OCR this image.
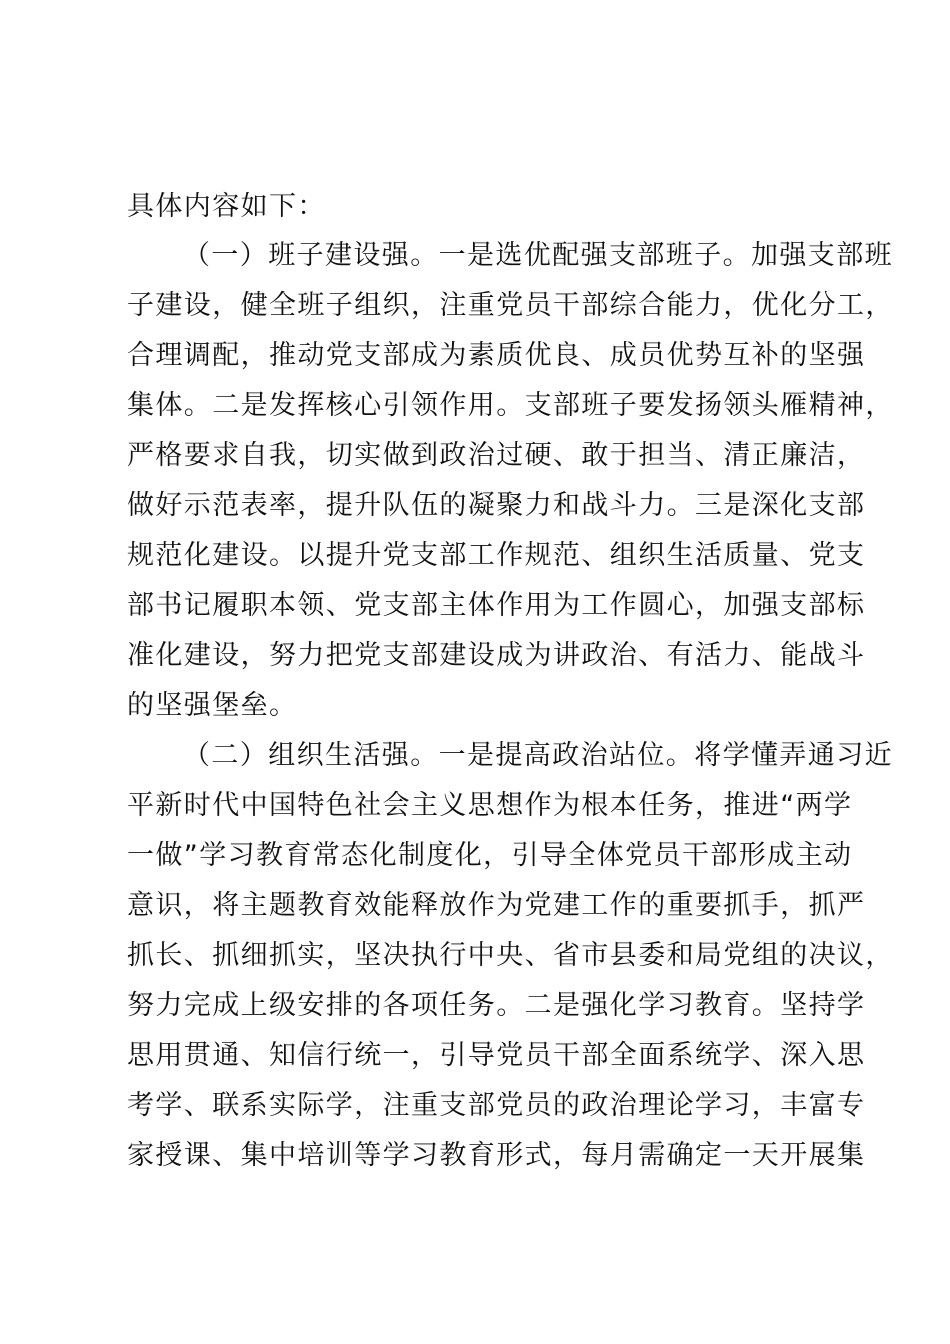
具体内容如下：
（一）班子建设强。一是选优配强支部班子。加强支部班
子建设，健全班子组织，注重党员干部综合能力，优化分工，
合理调配，推动党支部成为素质优良、成员优势互补的坚强
集体。二是发挥核心引领作用。支部班子要发扬领头雁精神，
严格要求自我，切实做到政治过硬、敢于担当、清正廉洁，
做好示范表率，提升队伍的凝聚力和战斗力。三是深化支部
规范化建设。以提升党支部工作规范、组织生活质量、党支
部书记履职本领、党支部主体作用为工作圆心，加强支部标
准化建设，努力把党支部建设成为讲政治、有活力、能战斗
的坚强堡垒。
（二）组织生活强。一是提高政治站位。将学懂弄通习近
平新时代中国特色社会主义思想作为根本任务，推进“两学
一做”学习教育常态化制度化，引导全体党员干部形成主动
意识，将主题教育效能释放作为党建工作的重要抓手，抓严
抓长、抓细抓实，坚决执行中央、省市县委和局党组的决议，
努力完成上级安排的各项任务。二是强化学习教育。坚持学
思用贯通、知信行统一，引导党员干部全面系统学、深入思
考学、联系实际学，注重支部党员的政治理论学习，丰富专
家授课、集中培训等学习教育形式，每月需确定一天开展集
